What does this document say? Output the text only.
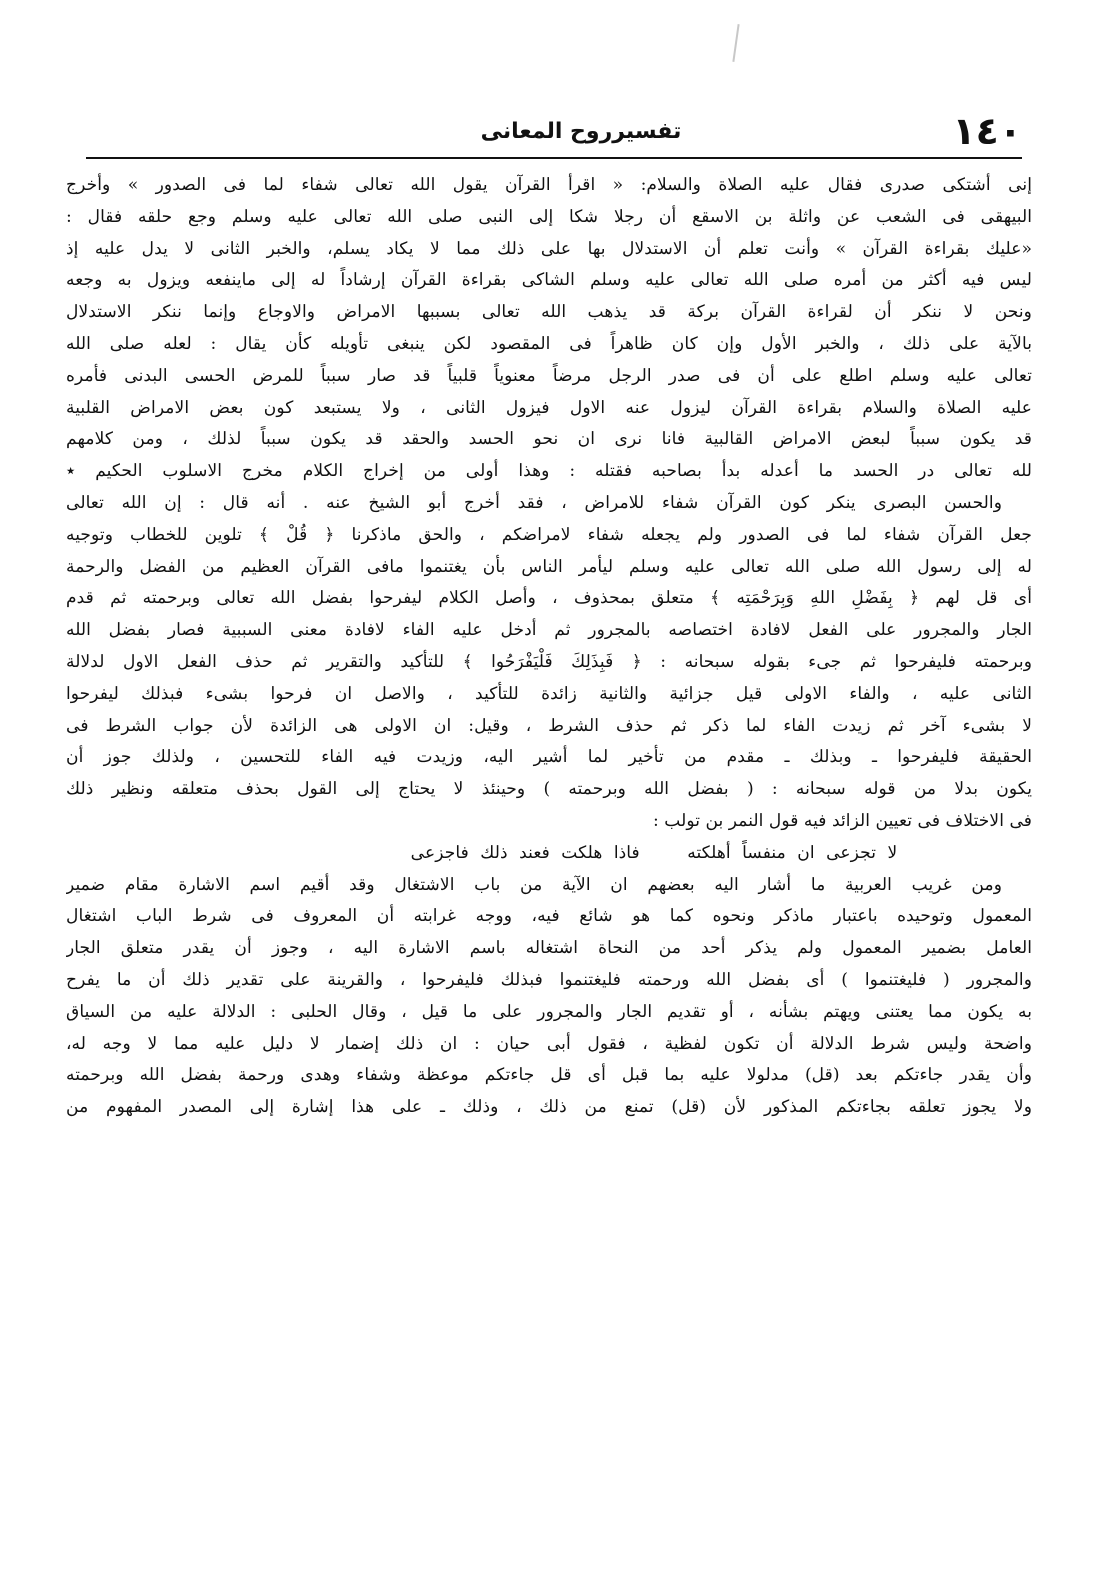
١٤٠
تفسيرروح المعانى
إنى أشتكى صدرى فقال عليه الصلاة والسلام: « اقرأ القرآن يقول الله تعالى شفاء لما فى الصدور » وأخرج
البيهقى فى الشعب عن واثلة بن الاسقع أن رجلا شكا إلى النبى صلى الله تعالى عليه وسلم وجع حلقه فقال :
«عليك بقراءة القرآن » وأنت تعلم أن الاستدلال بها على ذلك مما لا يكاد يسلم، والخبر الثانى لا يدل عليه إذ
ليس فيه أكثر من أمره صلى الله تعالى عليه وسلم الشاكى بقراءة القرآن إرشاداً له إلى ماينفعه ويزول به وجعه
ونحن لا ننكر أن لقراءة القرآن بركة قد يذهب الله تعالى بسببها الامراض والاوجاع وإنما ننكر الاستدلال
بالآية على ذلك ، والخبر الأول وإن كان ظاهراً فى المقصود لكن ينبغى تأويله كأن يقال : لعله صلى الله
تعالى عليه وسلم اطلع على أن فى صدر الرجل مرضاً معنوياً قلبياً قد صار سبباً للمرض الحسى البدنى فأمره
عليه الصلاة والسلام بقراءة القرآن ليزول عنه الاول فيزول الثانى ، ولا يستبعد كون بعض الامراض القلبية
قد يكون سبباً لبعض الامراض القالبية فانا نرى ان نحو الحسد والحقد قد يكون سبباً لذلك ، ومن كلامهم
لله تعالى در الحسد ما أعدله بدأ بصاحبه فقتله : وهذا أولى من إخراج الكلام مخرج الاسلوب الحكيم ٭
والحسن البصرى ينكر كون القرآن شفاء للامراض ، فقد أخرج أبو الشيخ عنه . أنه قال : إن الله تعالى
جعل القرآن شفاء لما فى الصدور ولم يجعله شفاء لامراضكم ، والحق ماذكرنا ﴿ قُلْ ﴾ تلوين للخطاب وتوجيه
له إلى رسول الله صلى الله تعالى عليه وسلم ليأمر الناس بأن يغتنموا مافى القرآن العظيم من الفضل والرحمة
أى قل لهم ﴿ بِفَضْلِ اللهِ وَبِرَحْمَتِه ﴾ متعلق بمحذوف ، وأصل الكلام ليفرحوا بفضل الله تعالى وبرحمته ثم قدم
الجار والمجرور على الفعل لافادة اختصاصه بالمجرور ثم أدخل عليه الفاء لافادة معنى السببية فصار بفضل الله
وبرحمته فليفرحوا ثم جىء بقوله سبحانه : ﴿ فَبِذَلِكَ فَلْيَفْرَحُوا ﴾ للتأكيد والتقرير ثم حذف الفعل الاول لدلالة
الثانى عليه ، والفاء الاولى قيل جزائية والثانية زائدة للتأكيد ، والاصل ان فرحوا بشىء فبذلك ليفرحوا
لا بشىء آخر ثم زيدت الفاء لما ذكر ثم حذف الشرط ، وقيل: ان الاولى هى الزائدة لأن جواب الشرط فى
الحقيقة فليفرحوا ـ وبذلك ـ مقدم من تأخير لما أشير اليه، وزيدت فيه الفاء للتحسين ، ولذلك جوز أن
يكون بدلا من قوله سبحانه : ( بفضل الله وبرحمته ) وحينئذ لا يحتاج إلى القول بحذف متعلقه ونظير ذلك
فى الاختلاف فى تعيين الزائد فيه قول النمر بن تولب :
لا تجزعى ان منفساً أهلكته فاذا هلكت فعند ذلك فاجزعى
ومن غريب العربية ما أشار اليه بعضهم ان الآية من باب الاشتغال وقد أقيم اسم الاشارة مقام ضمير
المعمول وتوحيده باعتبار ماذكر ونحوه كما هو شائع فيه، ووجه غرابته أن المعروف فى شرط الباب اشتغال
العامل بضمير المعمول ولم يذكر أحد من النحاة اشتغاله باسم الاشارة اليه ، وجوز أن يقدر متعلق الجار
والمجرور ( فليغتنموا ) أى بفضل الله ورحمته فليغتنموا فبذلك فليفرحوا ، والقرينة على تقدير ذلك أن ما يفرح
به يكون مما يعتنى ويهتم بشأنه ، أو تقديم الجار والمجرور على ما قيل ، وقال الحلبى : الدلالة عليه من السياق
واضحة وليس شرط الدلالة أن تكون لفظية ، فقول أبى حيان : ان ذلك إضمار لا دليل عليه مما لا وجه له،
وأن يقدر جاءتكم بعد (قل) مدلولا عليه بما قبل أى قل جاءتكم موعظة وشفاء وهدى ورحمة بفضل الله وبرحمته
ولا يجوز تعلقه بجاءتكم المذكور لأن (قل) تمنع من ذلك ، وذلك ـ على هذا إشارة إلى المصدر المفهوم من
